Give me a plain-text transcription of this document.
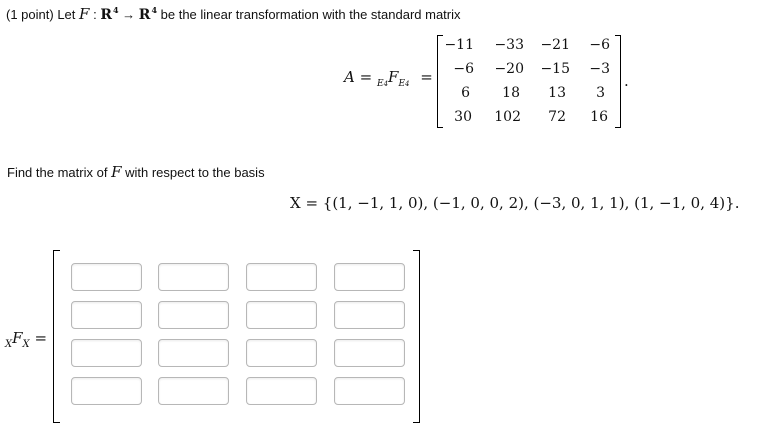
(1 point) Let F : $R^4 \to R^4$ be the linear transformation with the standard matrix
$A = _{E4}F_{E4}$ =	.
−11	−33	−21	−6
−6	−20	−15	−3
6	18	13	3
30	102	72	16
Find the matrix of F with respect to the basis
X = {(1, −1, 1, 0), (−1, 0, 0, 2), (−3, 0, 1, 1), (1, −1, 0, 4)}.
$_XF_X$ =
